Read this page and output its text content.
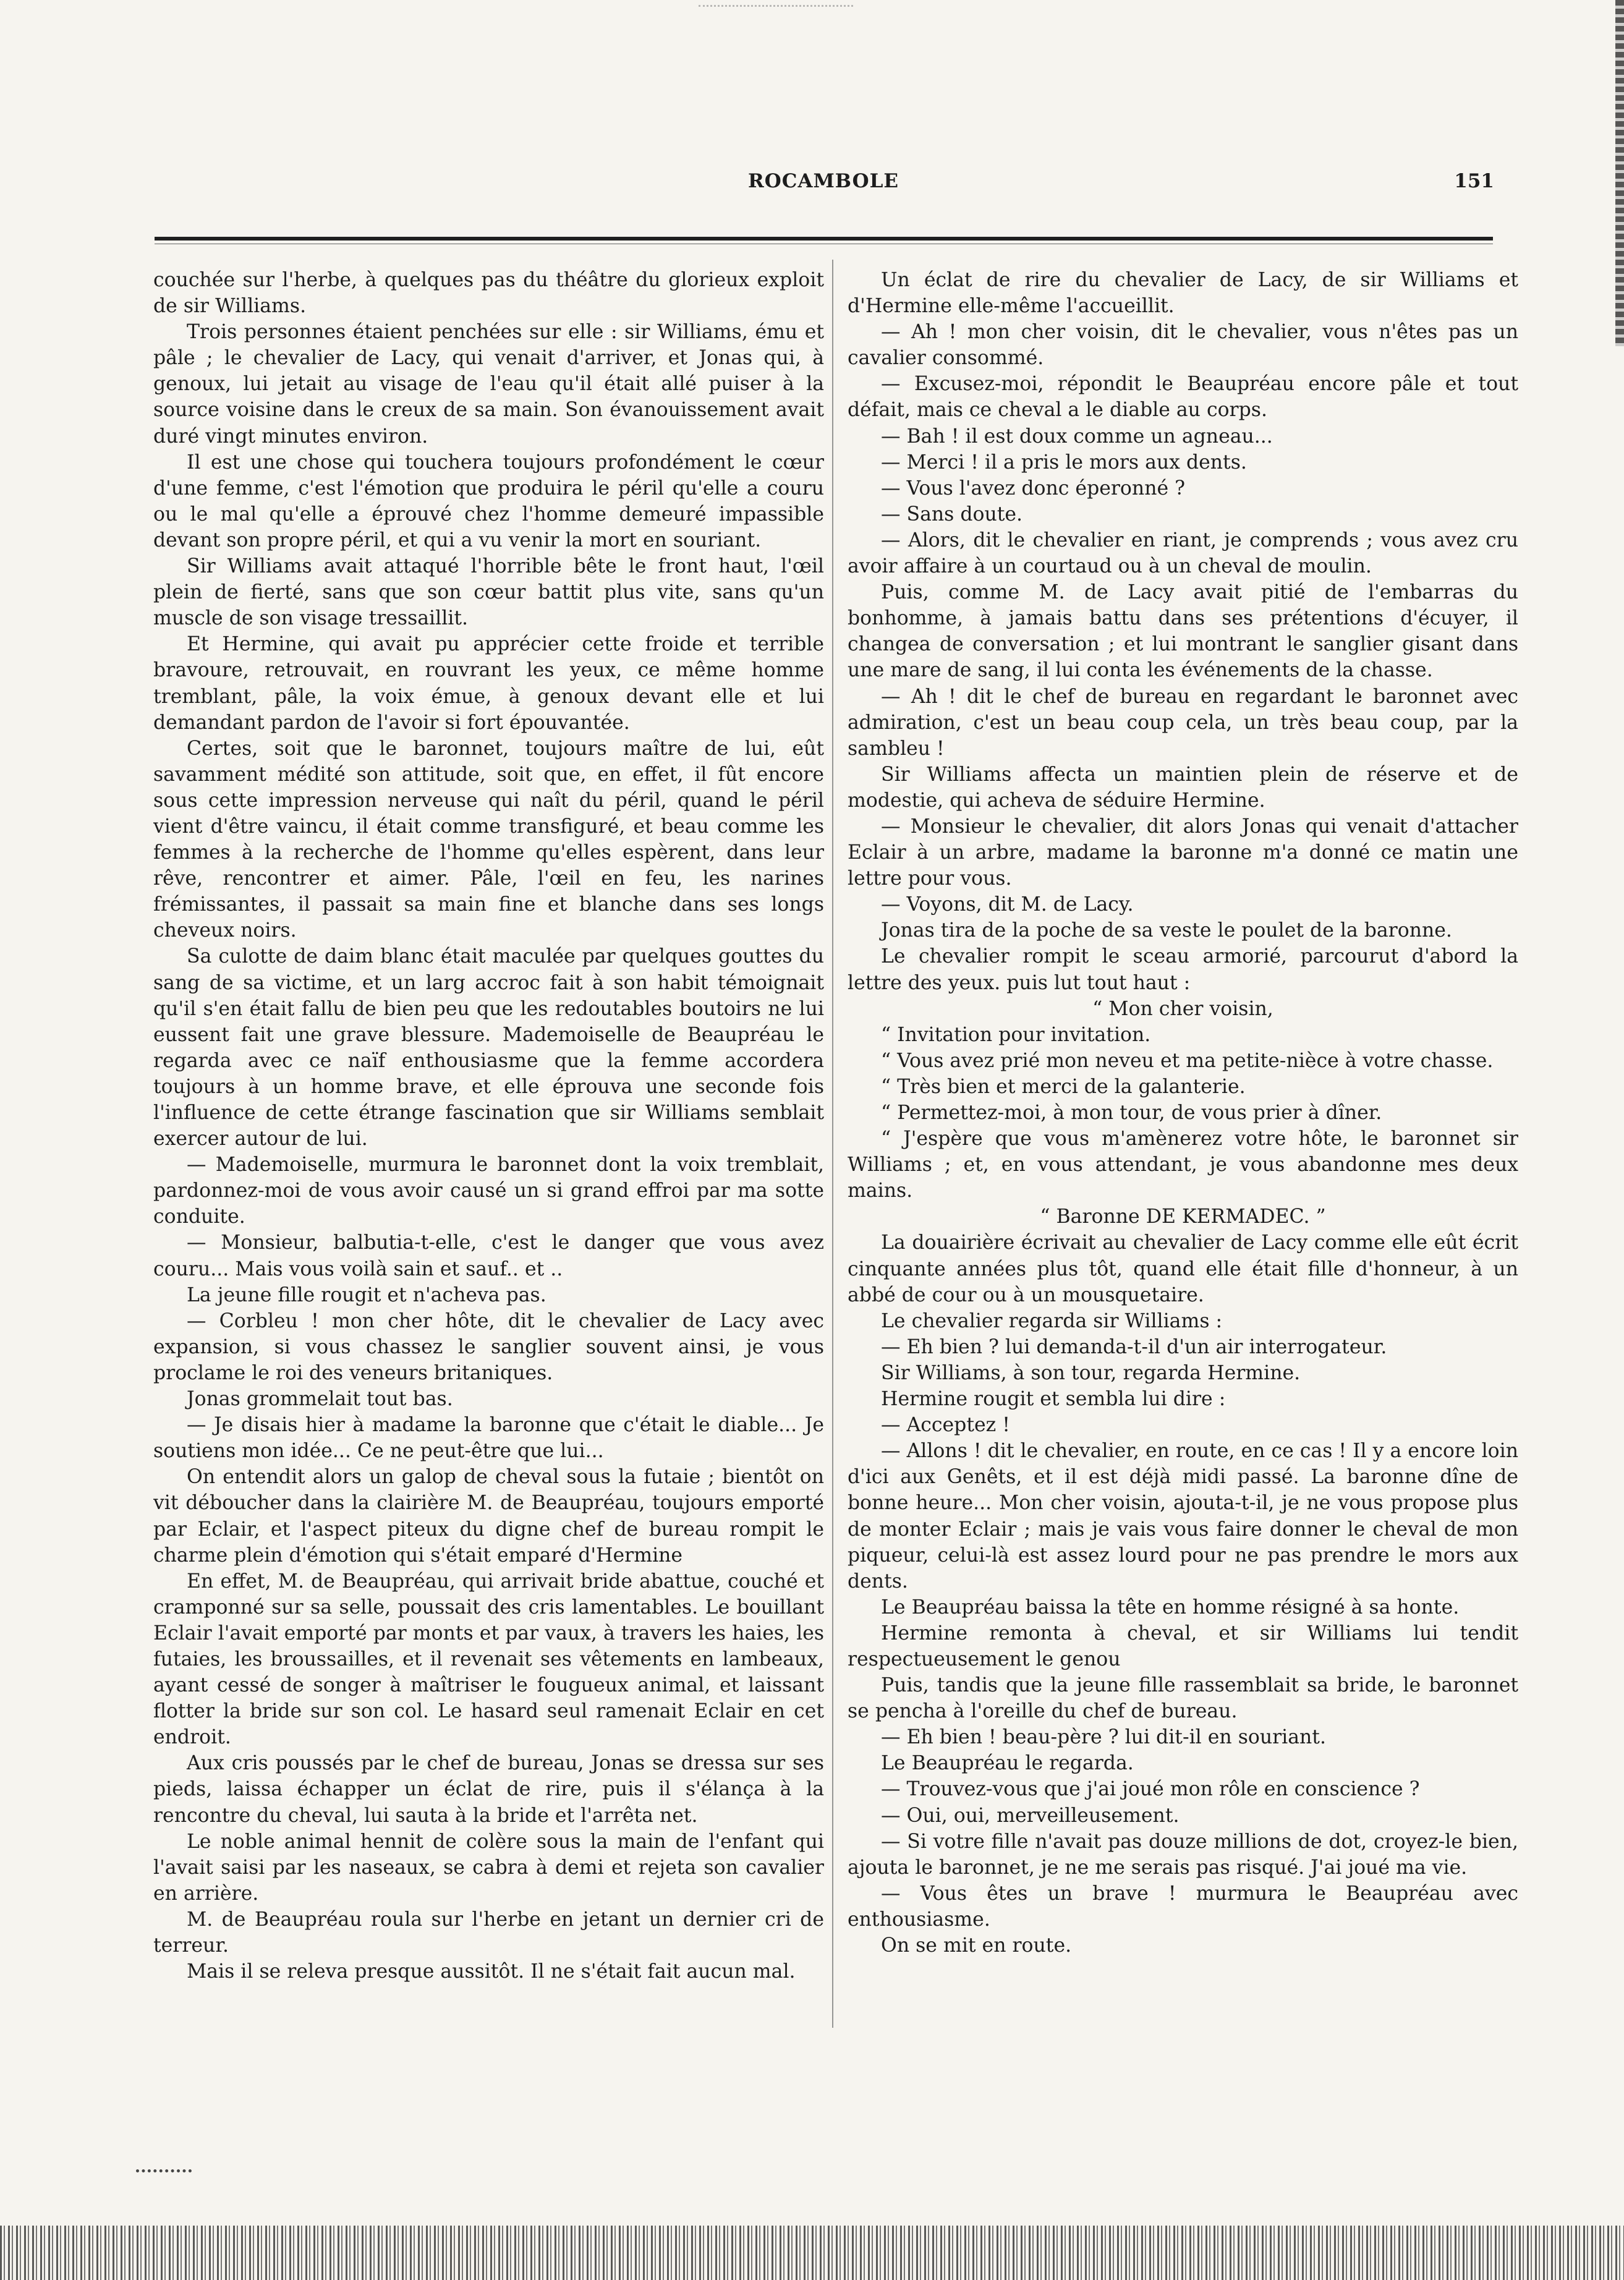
ROCAMBOLE	151

couchée sur l'herbe, à quelques pas du théâtre du glorieux exploit de sir Williams.

Trois personnes étaient penchées sur elle : sir Williams, ému et pâle ; le chevalier de Lacy, qui venait d'arriver, et Jonas qui, à genoux, lui jetait au visage de l'eau qu'il était allé puiser à la source voisine dans le creux de sa main. Son évanouissement avait duré vingt minutes environ.

Il est une chose qui touchera toujours profondément le cœur d'une femme, c'est l'émotion que produira le péril qu'elle a couru ou le mal qu'elle a éprouvé chez l'homme demeuré impassible devant son propre péril, et qui a vu venir la mort en souriant.

Sir Williams avait attaqué l'horrible bête le front haut, l'œil plein de fierté, sans que son cœur battit plus vite, sans qu'un muscle de son visage tressaillit.

Et Hermine, qui avait pu apprécier cette froide et terrible bravoure, retrouvait, en rouvrant les yeux, ce même homme tremblant, pâle, la voix émue, à genoux devant elle et lui demandant pardon de l'avoir si fort épouvantée.

Certes, soit que le baronnet, toujours maître de lui, eût savamment médité son attitude, soit que, en effet, il fût encore sous cette impression nerveuse qui naît du péril, quand le péril vient d'être vaincu, il était comme transfiguré, et beau comme les femmes à la recherche de l'homme qu'elles espèrent, dans leur rêve, rencontrer et aimer. Pâle, l'œil en feu, les narines frémissantes, il passait sa main fine et blanche dans ses longs cheveux noirs.

Sa culotte de daim blanc était maculée par quelques gouttes du sang de sa victime, et un larg accroc fait à son habit témoignait qu'il s'en était fallu de bien peu que les redoutables boutoirs ne lui eussent fait une grave blessure. Mademoiselle de Beaupréau le regarda avec ce naïf enthousiasme que la femme accordera toujours à un homme brave, et elle éprouva une seconde fois l'influence de cette étrange fascination que sir Williams semblait exercer autour de lui.

— Mademoiselle, murmura le baronnet dont la voix tremblait, pardonnez-moi de vous avoir causé un si grand effroi par ma sotte conduite.

— Monsieur, balbutia-t-elle, c'est le danger que vous avez couru... Mais vous voilà sain et sauf.. et ..

La jeune fille rougit et n'acheva pas.

— Corbleu ! mon cher hôte, dit le chevalier de Lacy avec expansion, si vous chassez le sanglier souvent ainsi, je vous proclame le roi des veneurs britaniques.

Jonas grommelait tout bas.

— Je disais hier à madame la baronne que c'était le diable... Je soutiens mon idée... Ce ne peut-être que lui...

On entendit alors un galop de cheval sous la futaie ; bientôt on vit déboucher dans la clairière M. de Beaupréau, toujours emporté par Eclair, et l'aspect piteux du digne chef de bureau rompit le charme plein d'émotion qui s'était emparé d'Hermine

En effet, M. de Beaupréau, qui arrivait bride abattue, couché et cramponné sur sa selle, poussait des cris lamentables. Le bouillant Eclair l'avait emporté par monts et par vaux, à travers les haies, les futaies, les broussailles, et il revenait ses vêtements en lambeaux, ayant cessé de songer à maîtriser le fougueux animal, et laissant flotter la bride sur son col. Le hasard seul ramenait Eclair en cet endroit.

Aux cris poussés par le chef de bureau, Jonas se dressa sur ses pieds, laissa échapper un éclat de rire, puis il s'élança à la rencontre du cheval, lui sauta à la bride et l'arrêta net.

Le noble animal hennit de colère sous la main de l'enfant qui l'avait saisi par les naseaux, se cabra à demi et rejeta son cavalier en arrière.

M. de Beaupréau roula sur l'herbe en jetant un dernier cri de terreur.

Mais il se releva presque aussitôt. Il ne s'était fait aucun mal.

Un éclat de rire du chevalier de Lacy, de sir Williams et d'Hermine elle-même l'accueillit.

— Ah ! mon cher voisin, dit le chevalier, vous n'êtes pas un cavalier consommé.

— Excusez-moi, répondit le Beaupréau encore pâle et tout défait, mais ce cheval a le diable au corps.

— Bah ! il est doux comme un agneau...

— Merci ! il a pris le mors aux dents.

— Vous l'avez donc éperonné ?

— Sans doute.

— Alors, dit le chevalier en riant, je comprends ; vous avez cru avoir affaire à un courtaud ou à un cheval de moulin.

Puis, comme M. de Lacy avait pitié de l'embarras du bonhomme, à jamais battu dans ses prétentions d'écuyer, il changea de conversation ; et lui montrant le sanglier gisant dans une mare de sang, il lui conta les événements de la chasse.

— Ah ! dit le chef de bureau en regardant le baronnet avec admiration, c'est un beau coup cela, un très beau coup, par la sambleu !

Sir Williams affecta un maintien plein de réserve et de modestie, qui acheva de séduire Hermine.

— Monsieur le chevalier, dit alors Jonas qui venait d'attacher Eclair à un arbre, madame la baronne m'a donné ce matin une lettre pour vous.

— Voyons, dit M. de Lacy.

Jonas tira de la poche de sa veste le poulet de la baronne.

Le chevalier rompit le sceau armorié, parcourut d'abord la lettre des yeux. puis lut tout haut :

“ Mon cher voisin,

“ Invitation pour invitation.

“ Vous avez prié mon neveu et ma petite-nièce à votre chasse.

“ Très bien et merci de la galanterie.

“ Permettez-moi, à mon tour, de vous prier à dîner.

“ J'espère que vous m'amènerez votre hôte, le baronnet sir Williams ; et, en vous attendant, je vous abandonne mes deux mains.

“ Baronne DE KERMADEC. ”

La douairière écrivait au chevalier de Lacy comme elle eût écrit cinquante années plus tôt, quand elle était fille d'honneur, à un abbé de cour ou à un mousquetaire.

Le chevalier regarda sir Williams :

— Eh bien ? lui demanda-t-il d'un air interrogateur.

Sir Williams, à son tour, regarda Hermine.

Hermine rougit et sembla lui dire :

— Acceptez !

— Allons ! dit le chevalier, en route, en ce cas ! Il y a encore loin d'ici aux Genêts, et il est déjà midi passé. La baronne dîne de bonne heure... Mon cher voisin, ajouta-t-il, je ne vous propose plus de monter Eclair ; mais je vais vous faire donner le cheval de mon piqueur, celui-là est assez lourd pour ne pas prendre le mors aux dents.

Le Beaupréau baissa la tête en homme résigné à sa honte.

Hermine remonta à cheval, et sir Williams lui tendit respectueusement le genou

Puis, tandis que la jeune fille rassemblait sa bride, le baronnet se pencha à l'oreille du chef de bureau.

— Eh bien ! beau-père ? lui dit-il en souriant.

Le Beaupréau le regarda.

— Trouvez-vous que j'ai joué mon rôle en conscience ?

— Oui, oui, merveilleusement.

— Si votre fille n'avait pas douze millions de dot, croyez-le bien, ajouta le baronnet, je ne me serais pas risqué. J'ai joué ma vie.

— Vous êtes un brave ! murmura le Beaupréau avec enthousiasme.

On se mit en route.
